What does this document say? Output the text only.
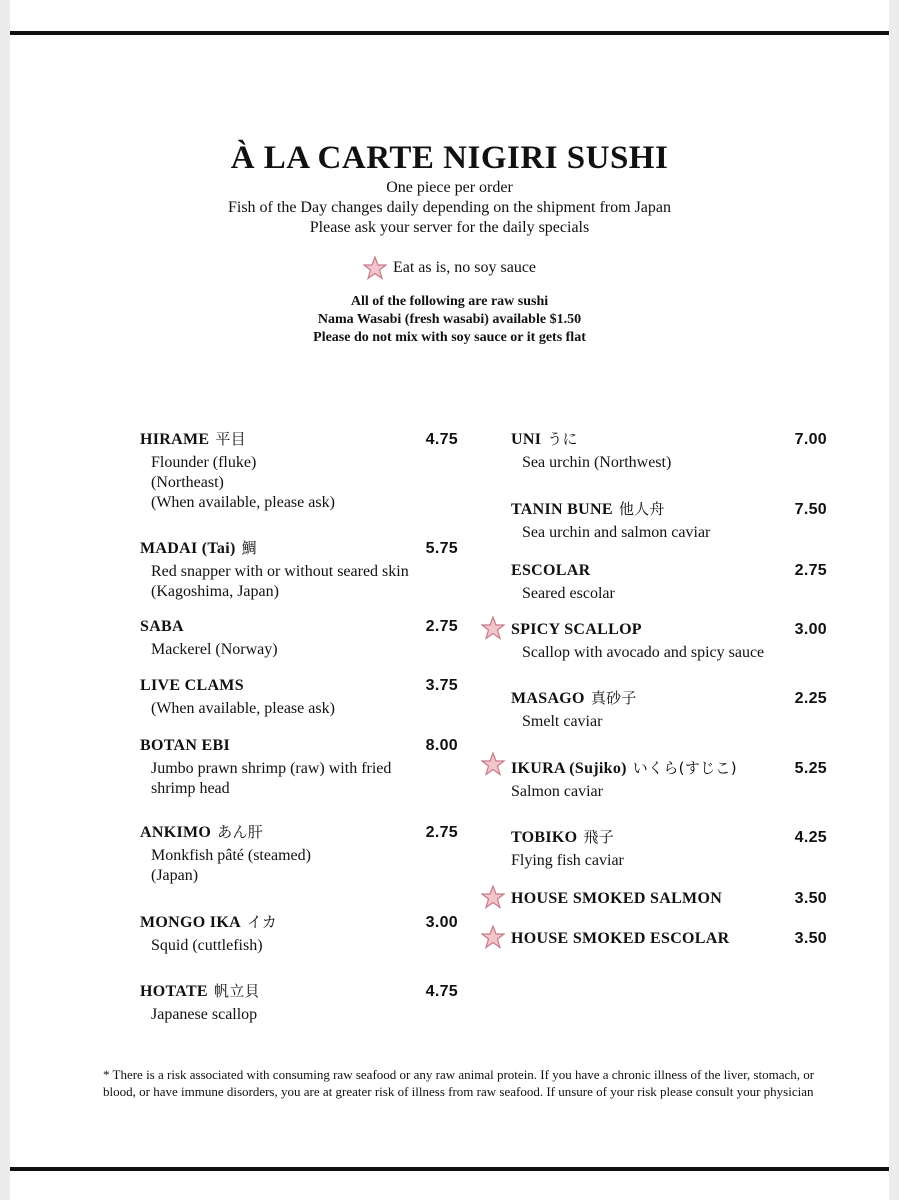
À LA CARTE NIGIRI SUSHI
One piece per order
Fish of the Day changes daily depending on the shipment from Japan
Please ask your server for the daily specials
Eat as is, no soy sauce
All of the following are raw sushi
Nama Wasabi (fresh wasabi) available $1.50
Please do not mix with soy sauce or it gets flat
HIRAME 平目	4.75
Flounder (fluke)
(Northeast)
(When available, please ask)
MADAI (Tai) 鯛	5.75
Red snapper with or without seared skin
(Kagoshima, Japan)
SABA	2.75
Mackerel (Norway)
LIVE CLAMS	3.75
(When available, please ask)
BOTAN EBI	8.00
Jumbo prawn shrimp (raw) with fried
shrimp head
ANKIMO あん肝	2.75
Monkfish pâté (steamed)
(Japan)
MONGO IKA イカ	3.00
Squid (cuttlefish)
HOTATE 帆立貝	4.75
Japanese scallop
UNI うに	7.00
Sea urchin (Northwest)
TANIN BUNE 他人舟	7.50
Sea urchin and salmon caviar
ESCOLAR	2.75
Seared escolar
SPICY SCALLOP	3.00
Scallop with avocado and spicy sauce
MASAGO 真砂子	2.25
Smelt caviar
IKURA (Sujiko) いくら(すじこ)	5.25
Salmon caviar
TOBIKO 飛子	4.25
Flying fish caviar
HOUSE SMOKED SALMON	3.50
HOUSE SMOKED ESCOLAR	3.50
* There is a risk associated with consuming raw seafood or any raw animal protein. If you have a chronic illness of the liver, stomach, or blood, or have immune disorders, you are at greater risk of illness from raw seafood. If unsure of your risk please consult your physician
